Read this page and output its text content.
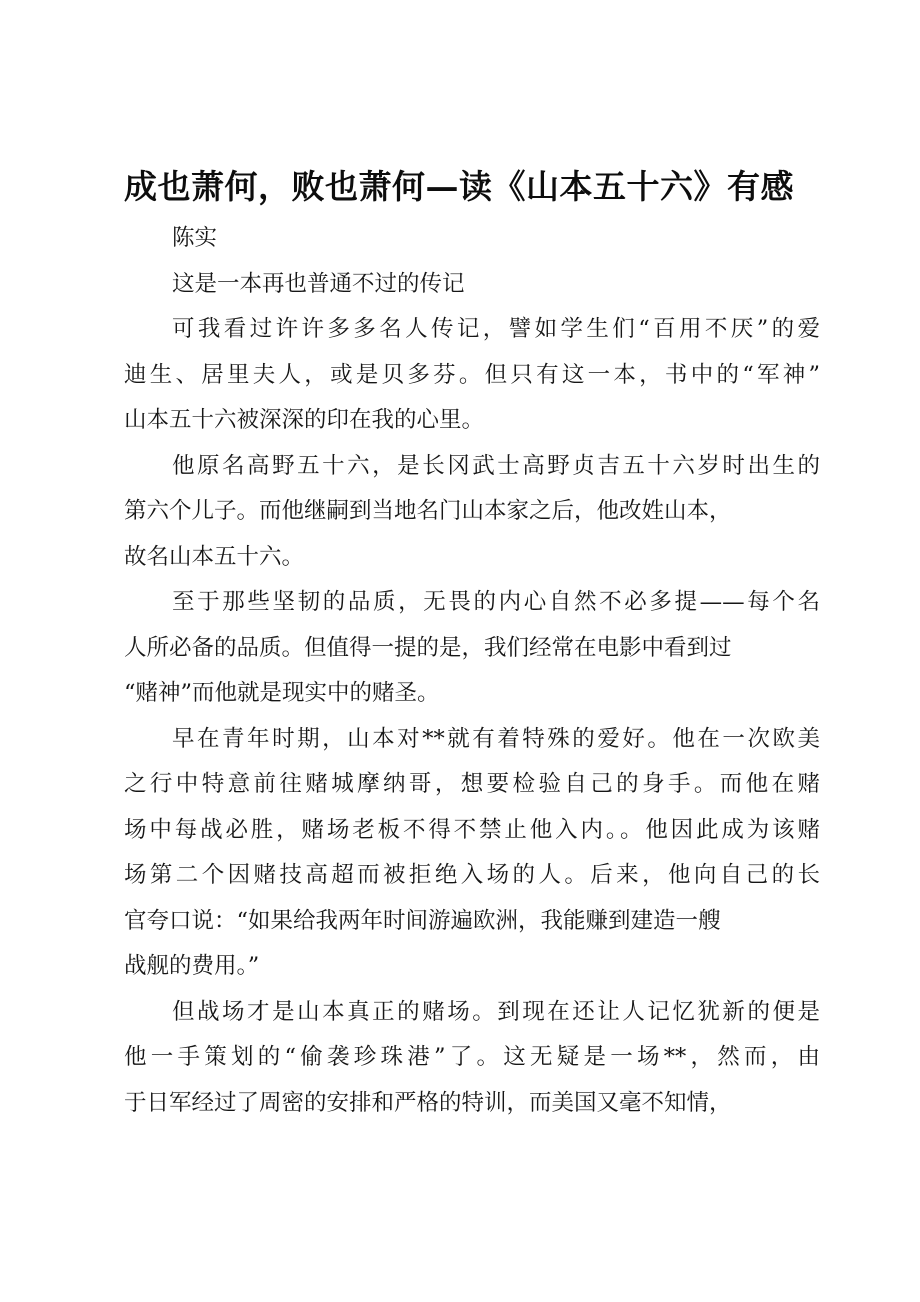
成也萧何，败也萧何—读《山本五十六》有感
陈实
这是一本再也普通不过的传记
可我看过许许多多名人传记，譬如学生们“百用不厌”的爱
迪生、居里夫人，或是贝多芬。但只有这一本，书中的“军神”
山本五十六被深深的印在我的心里。
他原名高野五十六，是长冈武士高野贞吉五十六岁时出生的
第六个儿子。而他继嗣到当地名门山本家之后，他改姓山本，
故名山本五十六。
至于那些坚韧的品质，无畏的内心自然不必多提——每个名
人所必备的品质。但值得一提的是，我们经常在电影中看到过
“赌神”而他就是现实中的赌圣。
早在青年时期，山本对**就有着特殊的爱好。他在一次欧美
之行中特意前往赌城摩纳哥，想要检验自己的身手。而他在赌
场中每战必胜，赌场老板不得不禁止他入内。。他因此成为该赌
场第二个因赌技高超而被拒绝入场的人。后来，他向自己的长
官夸口说：“如果给我两年时间游遍欧洲，我能赚到建造一艘
战舰的费用。”
但战场才是山本真正的赌场。到现在还让人记忆犹新的便是
他一手策划的“偷袭珍珠港”了。这无疑是一场**，然而，由
于日军经过了周密的安排和严格的特训，而美国又毫不知情，
